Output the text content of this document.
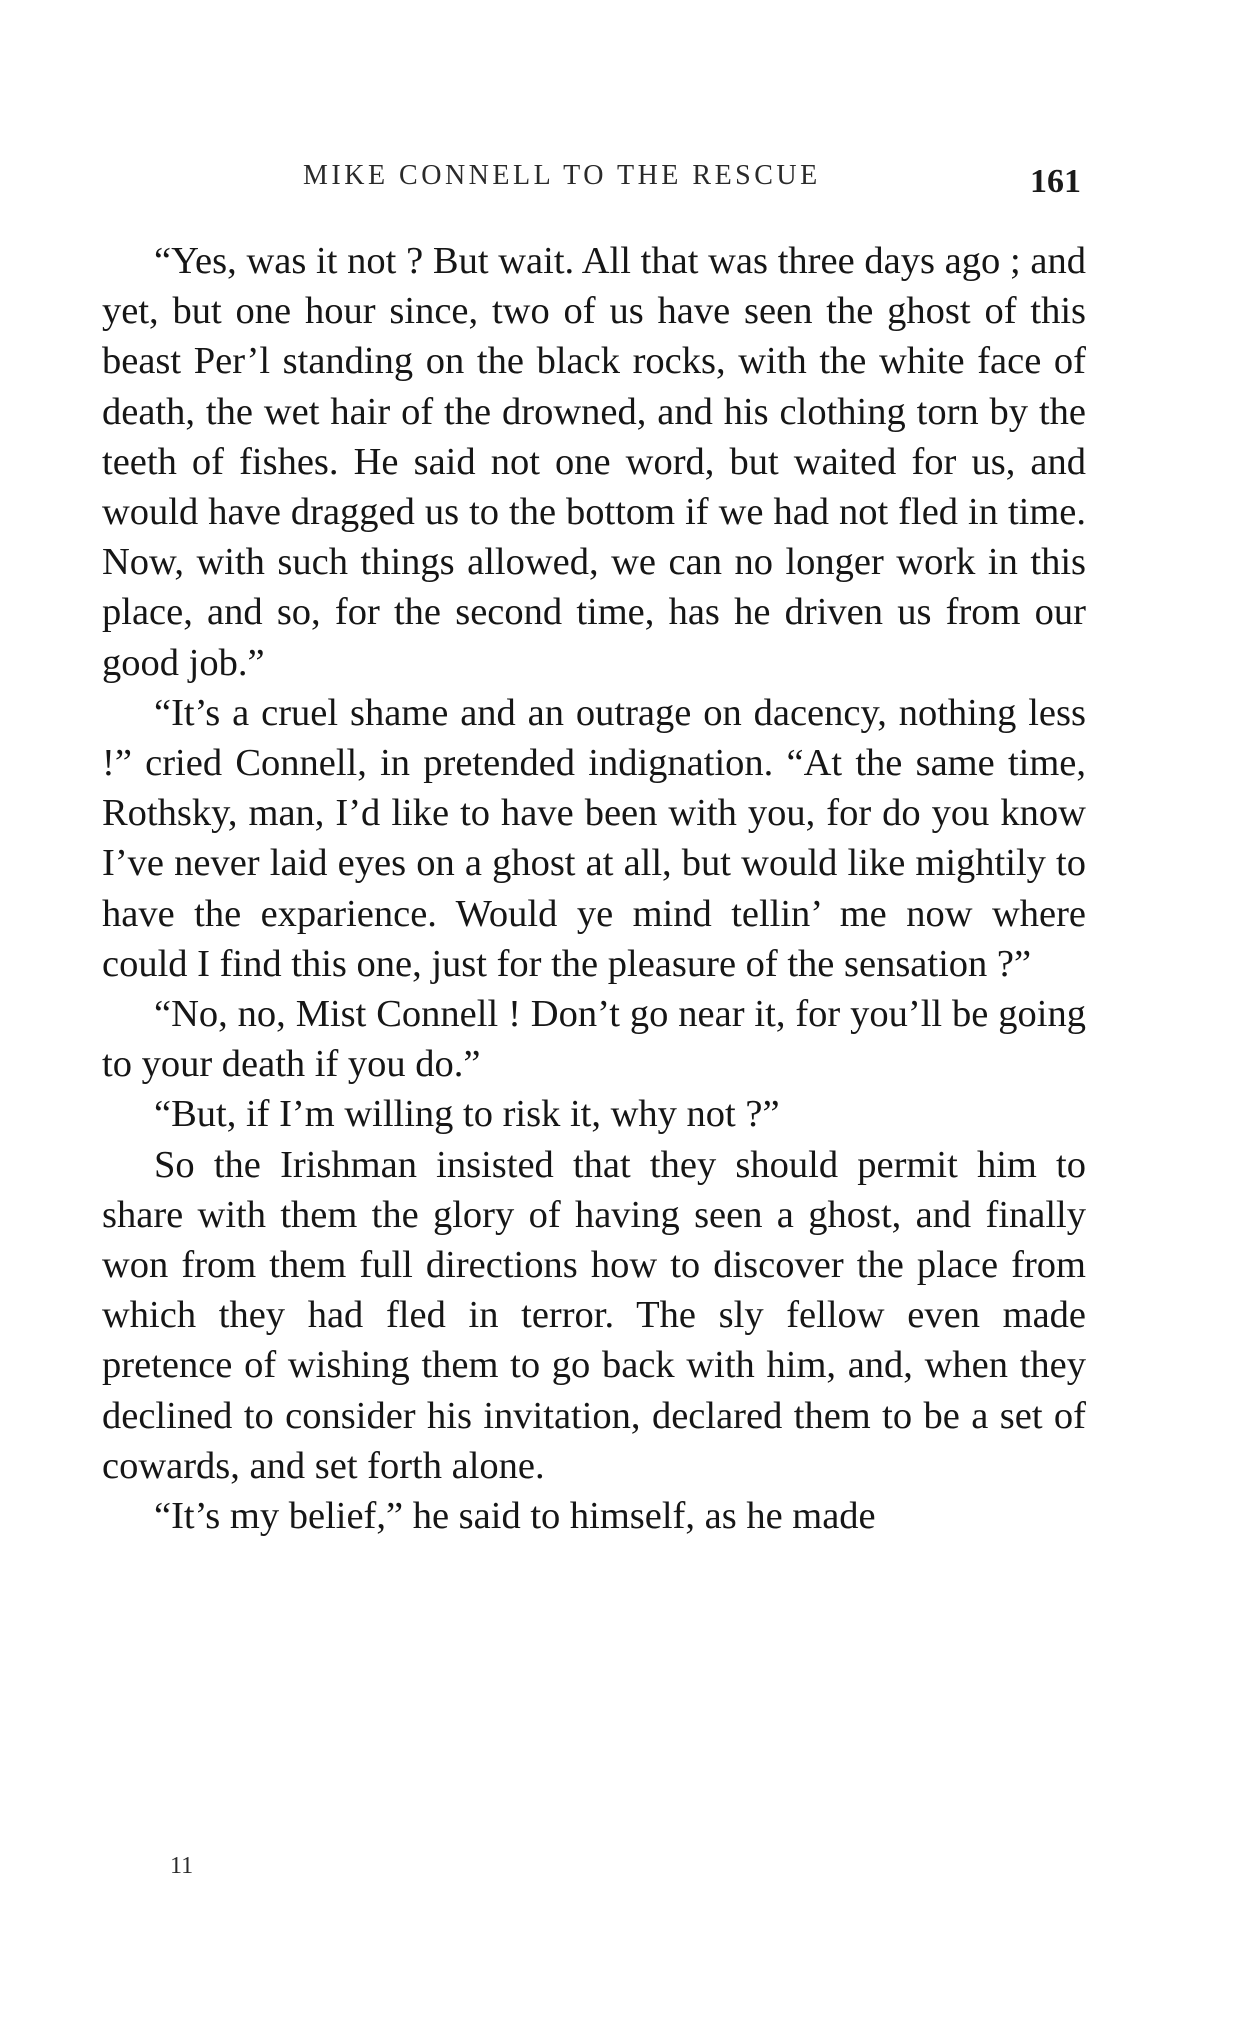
MIKE CONNELL TO THE RESCUE	161

“Yes, was it not ? But wait. All that was three days ago ; and yet, but one hour since, two of us have seen the ghost of this beast Per’l standing on the black rocks, with the white face of death, the wet hair of the drowned, and his clothing torn by the teeth of fishes. He said not one word, but waited for us, and would have dragged us to the bottom if we had not fled in time. Now, with such things allowed, we can no longer work in this place, and so, for the second time, has he driven us from our good job.”

“It’s a cruel shame and an outrage on dacency, nothing less !” cried Connell, in pretended indignation. “At the same time, Rothsky, man, I’d like to have been with you, for do you know I’ve never laid eyes on a ghost at all, but would like mightily to have the exparience. Would ye mind tellin’ me now where could I find this one, just for the pleasure of the sensation ?”

“No, no, Mist Connell ! Don’t go near it, for you’ll be going to your death if you do.”

“But, if I’m willing to risk it, why not ?”

So the Irishman insisted that they should permit him to share with them the glory of having seen a ghost, and finally won from them full directions how to discover the place from which they had fled in terror. The sly fellow even made pretence of wishing them to go back with him, and, when they declined to consider his invitation, declared them to be a set of cowards, and set forth alone.

“It’s my belief,” he said to himself, as he made

11
